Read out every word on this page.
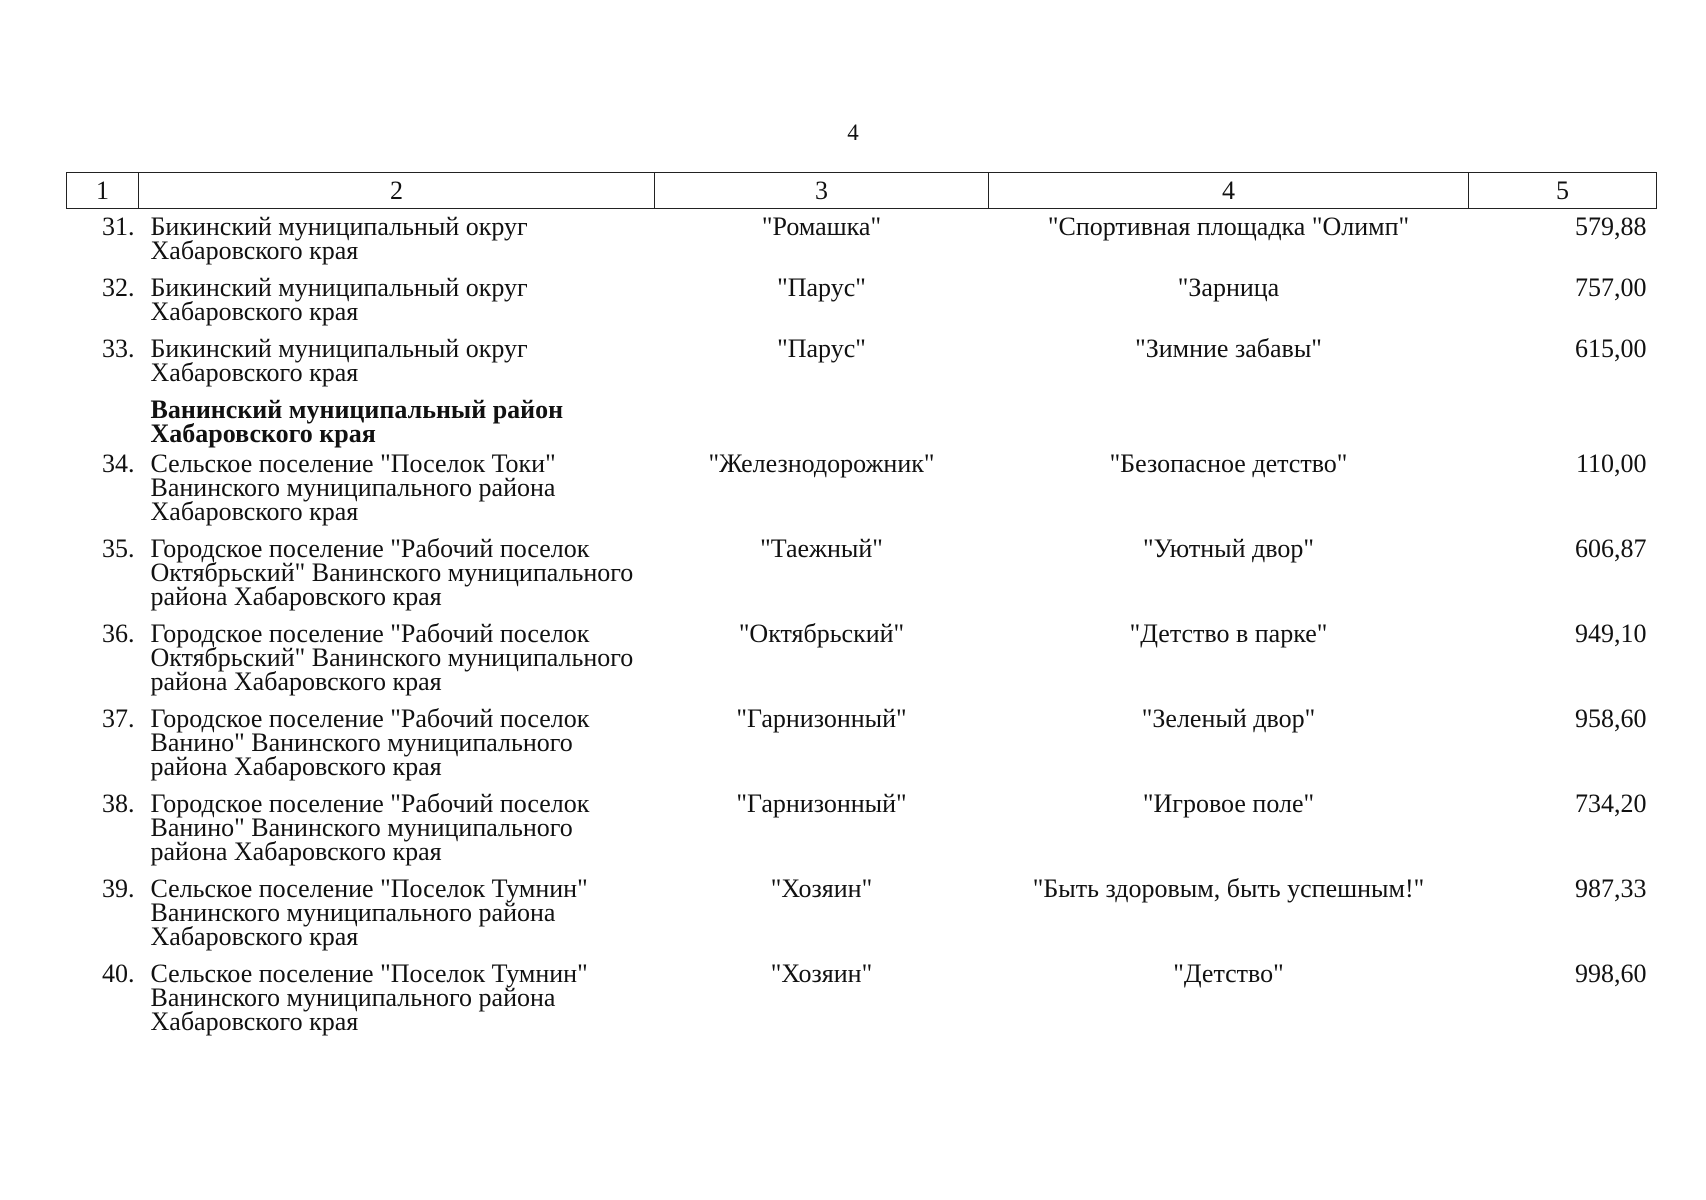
4
1	2	3	4	5
31.	Бикинский муниципальный округ Хабаровского края	"Ромашка"	"Спортивная площадка "Олимп"	579,88
32.	Бикинский муниципальный округ Хабаровского края	"Парус"	"Зарница	757,00
33.	Бикинский муниципальный округ Хабаровского края	"Парус"	"Зимние забавы"	615,00

	Ванинский муниципальный район Хабаровского края			

34.	Сельское поселение "Поселок Токи" Ванинского муниципального района Хабаровского края	"Железнодорожник"	"Безопасное детство"	110,00
35.	Городское поселение "Рабочий поселок Октябрьский" Ванинского муниципального района Хабаровского края	"Таежный"	"Уютный двор"	606,87
36.	Городское поселение "Рабочий поселок Октябрьский" Ванинского муниципального района Хабаровского края	"Октябрьский"	"Детство в парке"	949,10
37.	Городское поселение "Рабочий поселок Ванино" Ванинского муниципального района Хабаровского края	"Гарнизонный"	"Зеленый двор"	958,60
38.	Городское поселение "Рабочий поселок Ванино" Ванинского муниципального района Хабаровского края	"Гарнизонный"	"Игровое поле"	734,20
39.	Сельское поселение "Поселок Тумнин" Ванинского муниципального района Хабаровского края	"Хозяин"	"Быть здоровым, быть успешным!"	987,33
40.	Сельское поселение "Поселок Тумнин" Ванинского муниципального района Хабаровского края	"Хозяин"	"Детство"	998,60
